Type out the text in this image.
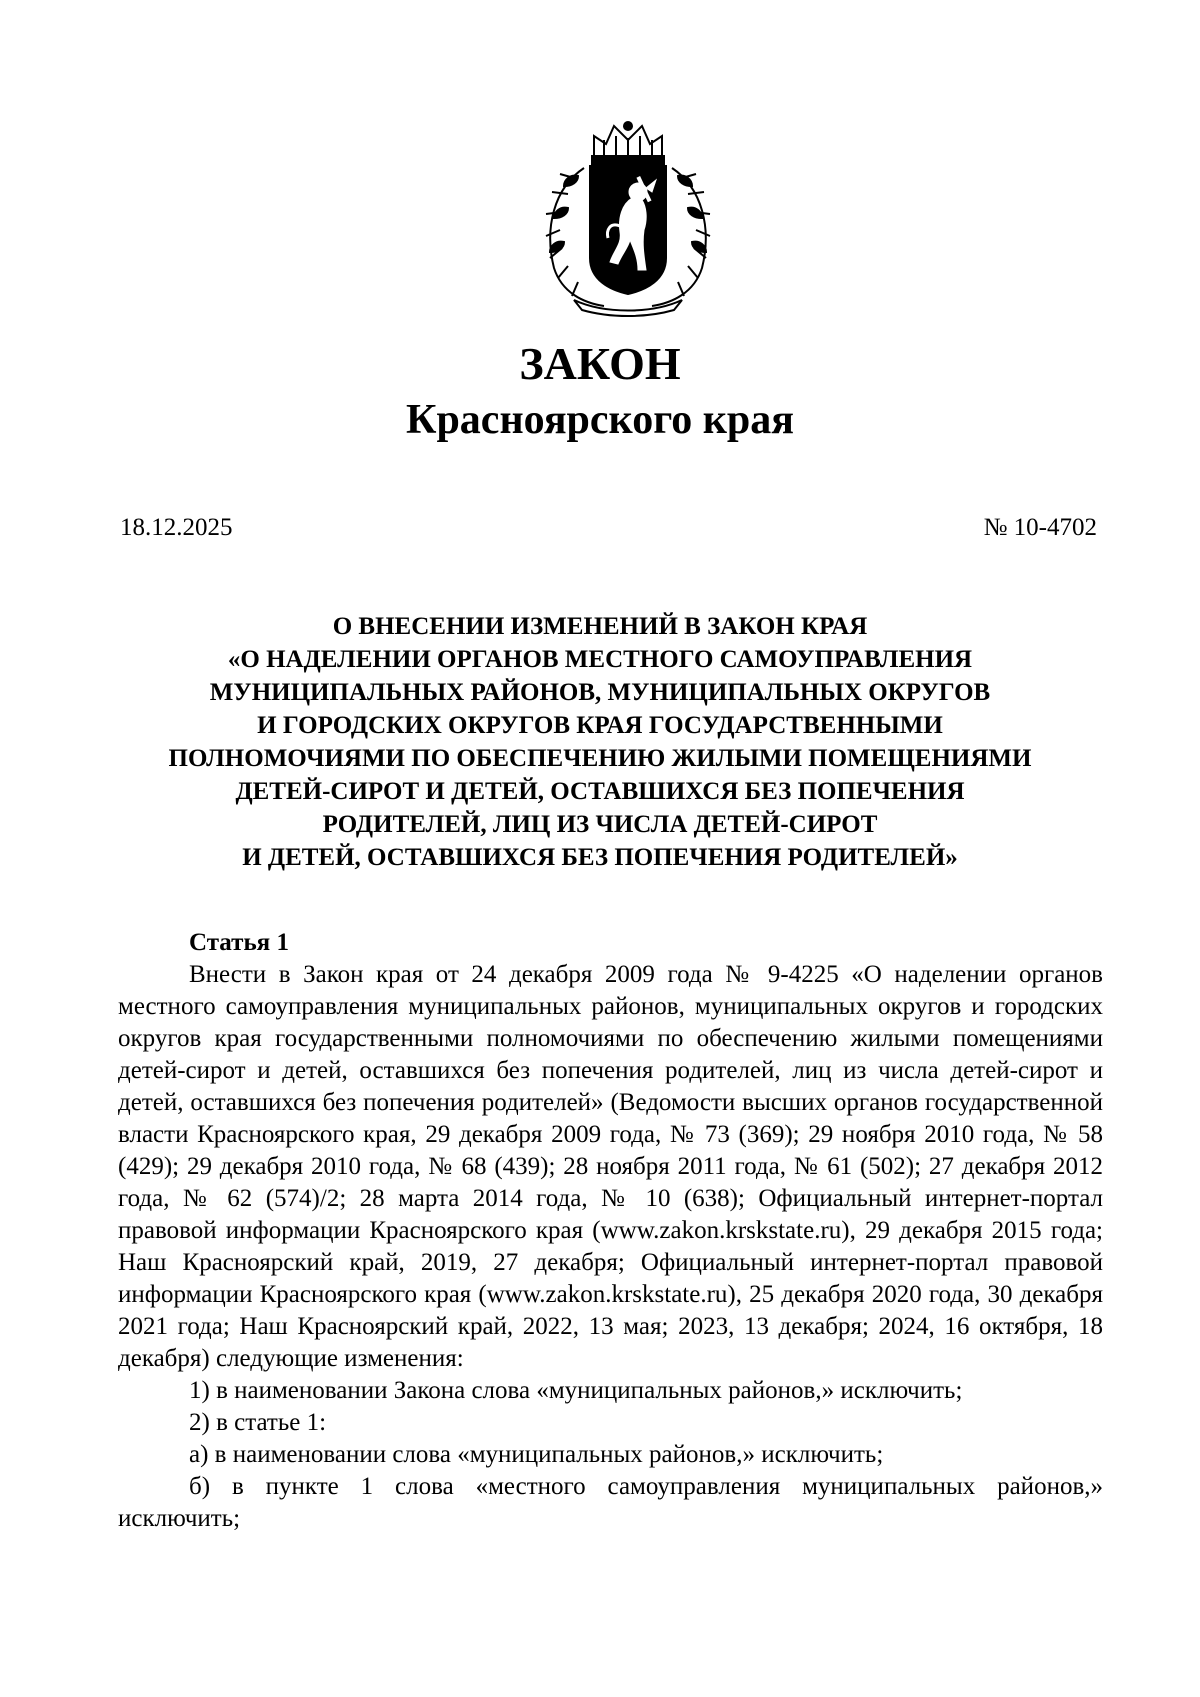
ЗАКОН
Красноярского края
18.12.2025	№ 10-4702
О ВНЕСЕНИИ ИЗМЕНЕНИЙ В ЗАКОН КРАЯ
«О НАДЕЛЕНИИ ОРГАНОВ МЕСТНОГО САМОУПРАВЛЕНИЯ
МУНИЦИПАЛЬНЫХ РАЙОНОВ, МУНИЦИПАЛЬНЫХ ОКРУГОВ
И ГОРОДСКИХ ОКРУГОВ КРАЯ ГОСУДАРСТВЕННЫМИ
ПОЛНОМОЧИЯМИ ПО ОБЕСПЕЧЕНИЮ ЖИЛЫМИ ПОМЕЩЕНИЯМИ
ДЕТЕЙ-СИРОТ И ДЕТЕЙ, ОСТАВШИХСЯ БЕЗ ПОПЕЧЕНИЯ
РОДИТЕЛЕЙ, ЛИЦ ИЗ ЧИСЛА ДЕТЕЙ-СИРОТ
И ДЕТЕЙ, ОСТАВШИХСЯ БЕЗ ПОПЕЧЕНИЯ РОДИТЕЛЕЙ»
Статья 1

Внести в Закон края от 24 декабря 2009 года № 9-4225 «О наделении органов местного самоуправления муниципальных районов, муниципальных округов и городских округов края государственными полномочиями по обеспечению жилыми помещениями детей-сирот и детей, оставшихся без попечения родителей, лиц из числа детей-сирот и детей, оставшихся без попечения родителей» (Ведомости высших органов государственной власти Красноярского края, 29 декабря 2009 года, № 73 (369); 29 ноября 2010 года, № 58 (429); 29 декабря 2010 года, № 68 (439); 28 ноября 2011 года, № 61 (502); 27 декабря 2012 года, № 62 (574)/2; 28 марта 2014 года, № 10 (638); Официальный интернет-портал правовой информации Красноярского края (www.zakon.krskstate.ru), 29 декабря 2015 года; Наш Красноярский край, 2019, 27 декабря; Официальный интернет-портал правовой информации Красноярского края (www.zakon.krskstate.ru), 25 декабря 2020 года, 30 декабря 2021 года; Наш Красноярский край, 2022, 13 мая; 2023, 13 декабря; 2024, 16 октября, 18 декабря) следующие изменения:

1) в наименовании Закона слова «муниципальных районов,» исключить;

2) в статье 1:

а) в наименовании слова «муниципальных районов,» исключить;

б) в пункте 1 слова «местного самоуправления муниципальных районов,» исключить;
